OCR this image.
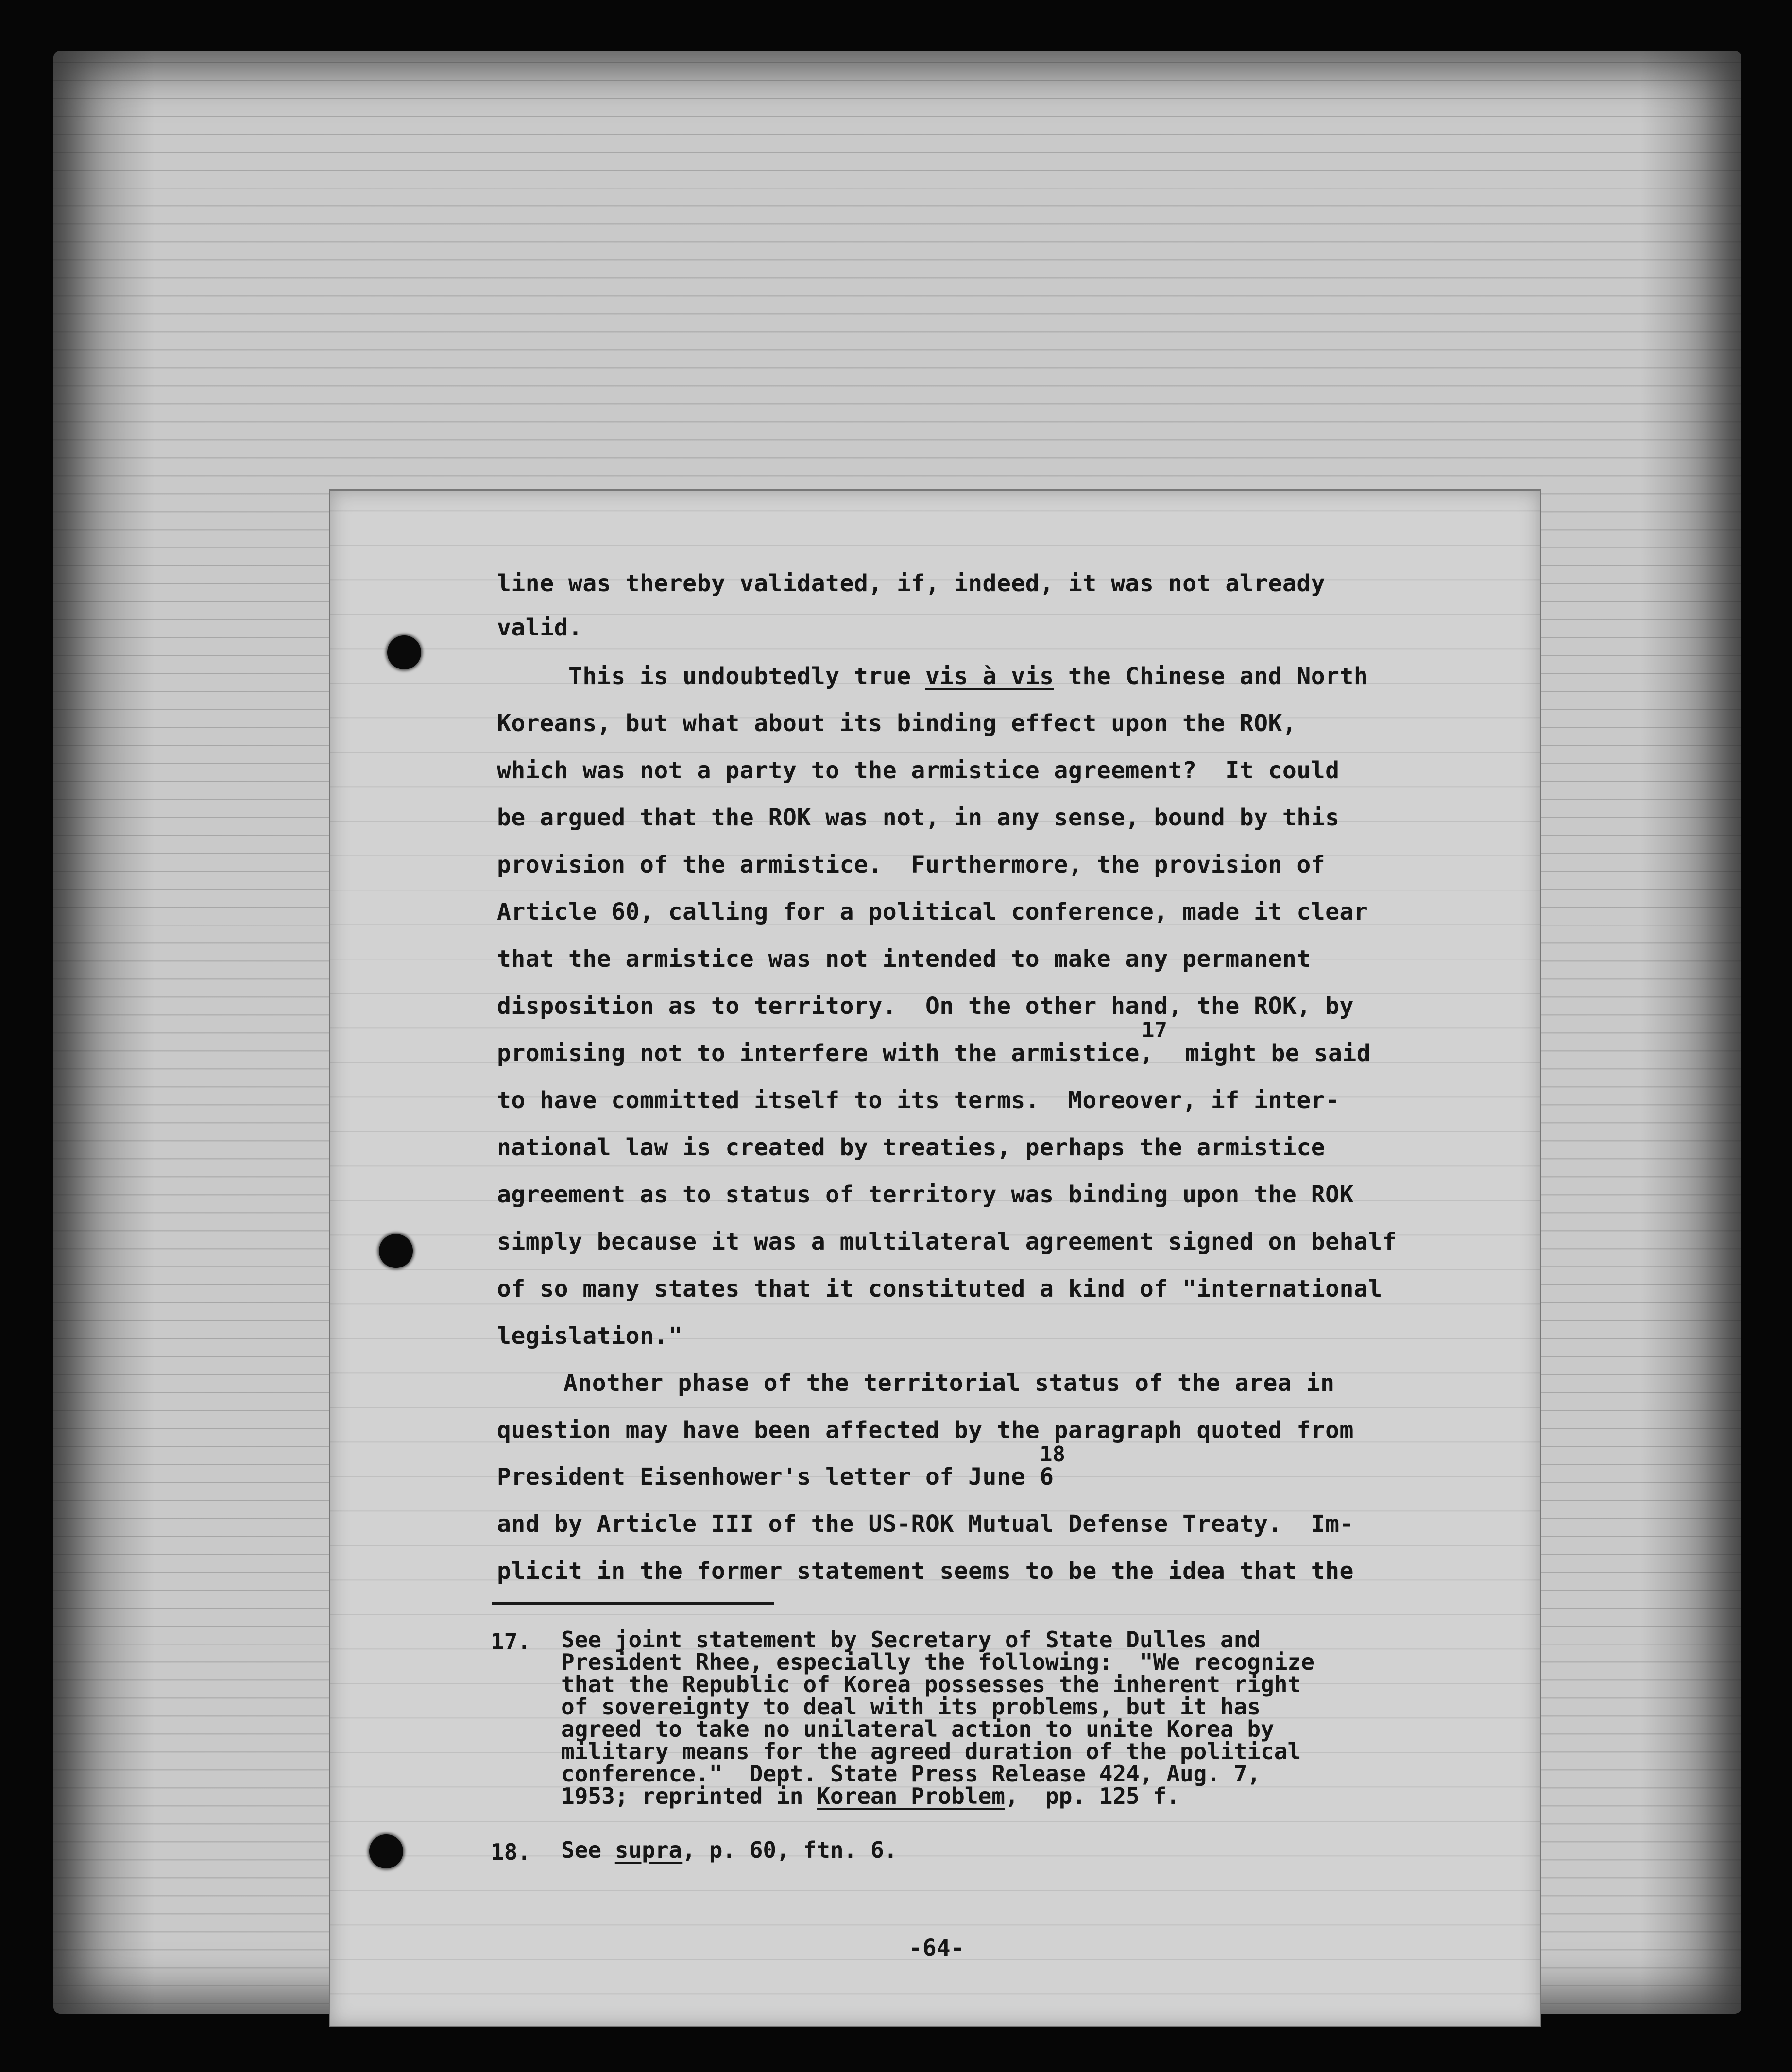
line was thereby validated, if, indeed, it was not already
valid.
This is undoubtedly true vis à vis the Chinese and North
Koreans, but what about its binding effect upon the ROK,
which was not a party to the armistice agreement?  It could
be argued that the ROK was not, in any sense, bound by this
provision of the armistice.  Furthermore, the provision of
Article 60, calling for a political conference, made it clear
that the armistice was not intended to make any permanent
disposition as to territory.  On the other hand, the ROK, by
17
promising not to interfere with the armistice, might be said
to have committed itself to its terms.  Moreover, if inter-
national law is created by treaties, perhaps the armistice
agreement as to status of territory was binding upon the ROK
simply because it was a multilateral agreement signed on behalf
of so many states that it constituted a kind of "international
legislation."
Another phase of the territorial status of the area in
question may have been affected by the paragraph quoted from
18
President Eisenhower's letter of June 6
and by Article III of the US-ROK Mutual Defense Treaty.  Im-
plicit in the former statement seems to be the idea that the
17. See joint statement by Secretary of State Dulles and
President Rhee, especially the following:  "We recognize
that the Republic of Korea possesses the inherent right
of sovereignty to deal with its problems, but it has
agreed to take no unilateral action to unite Korea by
military means for the agreed duration of the political
conference."  Dept. State Press Release 424, Aug. 7,
1953; reprinted in Korean Problem,  pp. 125 f.
18. See supra, p. 60, ftn. 6.
-64-
